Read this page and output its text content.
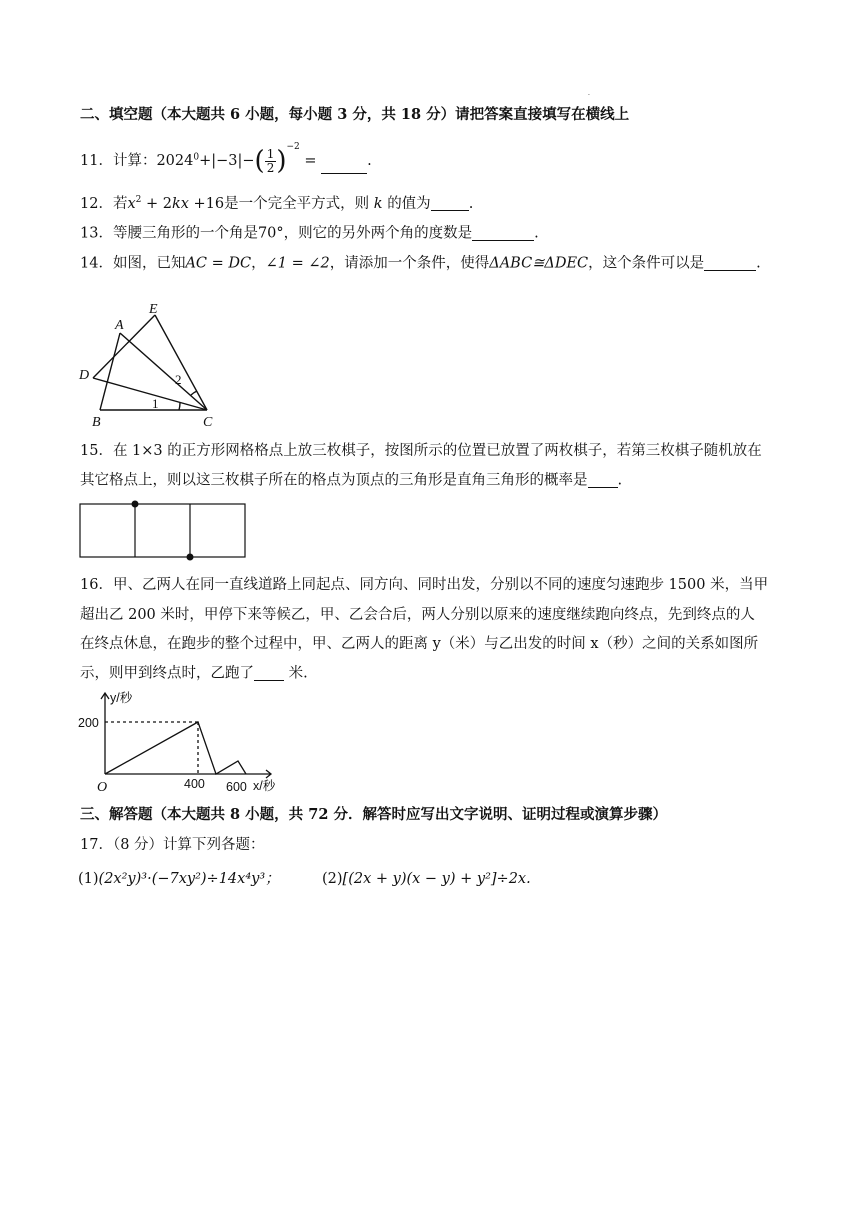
·
二、填空题（本大题共 6 小题，每小题 3 分，共 18 分）请把答案直接填写在横线上
11．计算：$2024^0+|-3|-( \frac{1}{2} )^{-2}$ =	.
12．若$x^2 + 2kx +16$是一个完全平方式，则 k 的值为	.
13．等腰三角形的一个角是70°，则它的另外两个角的度数是	.
14．如图，已知AC = DC，∠1 = ∠2，请添加一个条件，使得ΔABC≅ΔDEC，这个条件可以是	.
A
B	C
D
E
1
2
15．在 1×3 的正方形网格格点上放三枚棋子，按图所示的位置已放置了两枚棋子，若第三枚棋子随机放在
其它格点上，则以这三枚棋子所在的格点为顶点的三角形是直角三角形的概率是 .
16．甲、乙两人在同一直线道路上同起点、同方向、同时出发，分别以不同的速度匀速跑步 1500 米，当甲
超出乙 200 米时，甲停下来等候乙，甲、乙会合后，两人分别以原来的速度继续跑向终点，先到终点的人
在终点休息，在跑步的整个过程中，甲、乙两人的距离 y（米）与乙出发的时间 x（秒）之间的关系如图所
示，则甲到终点时，乙跑了 米.
y/秒
200
400 600 x/秒
O
三、解答题（本大题共 8 小题，共 72 分．解答时应写出文字说明、证明过程或演算步骤）
17．（8 分）计算下列各题：
(1)(2x²y)³·(−7xy²)÷14x⁴y³；	(2)[(2x + y)(x − y) + y²]÷2x.
